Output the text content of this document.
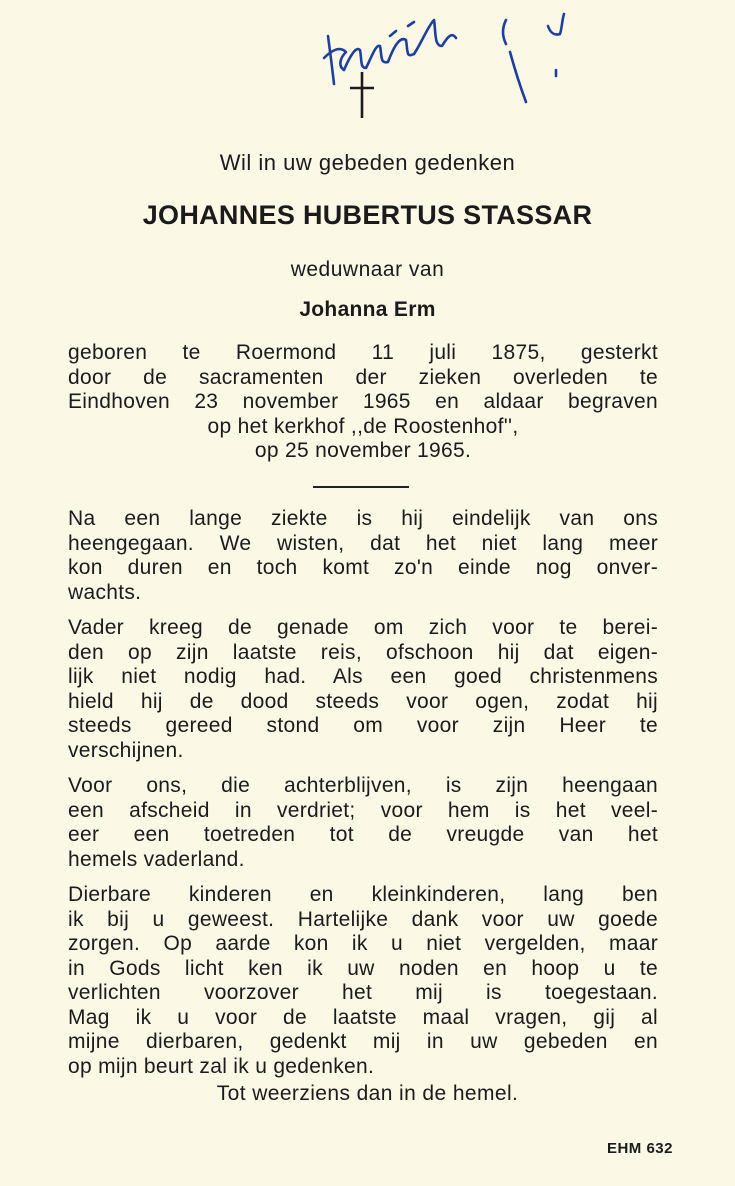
Wil in uw gebeden gedenken
JOHANNES HUBERTUS STASSAR
weduwnaar van
Johanna Erm
geboren te Roermond 11 juli 1875, gesterkt
door de sacramenten der zieken overleden te
Eindhoven 23 november 1965 en aldaar begraven
op het kerkhof ,,de Roostenhof'',
op 25 november 1965.
Na een lange ziekte is hij eindelijk van ons
heengegaan. We wisten, dat het niet lang meer
kon duren en toch komt zo'n einde nog onver-
wachts.
Vader kreeg de genade om zich voor te berei-
den op zijn laatste reis, ofschoon hij dat eigen-
lijk niet nodig had. Als een goed christenmens
hield hij de dood steeds voor ogen, zodat hij
steeds gereed stond om voor zijn Heer te
verschijnen.
Voor ons, die achterblijven, is zijn heengaan
een afscheid in verdriet; voor hem is het veel-
eer een toetreden tot de vreugde van het
hemels vaderland.
Dierbare kinderen en kleinkinderen, lang ben
ik bij u geweest. Hartelijke dank voor uw goede
zorgen. Op aarde kon ik u niet vergelden, maar
in Gods licht ken ik uw noden en hoop u te
verlichten voorzover het mij is toegestaan.
Mag ik u voor de laatste maal vragen, gij al
mijne dierbaren, gedenkt mij in uw gebeden en
op mijn beurt zal ik u gedenken.
Tot weerziens dan in de hemel.
EHM 632
